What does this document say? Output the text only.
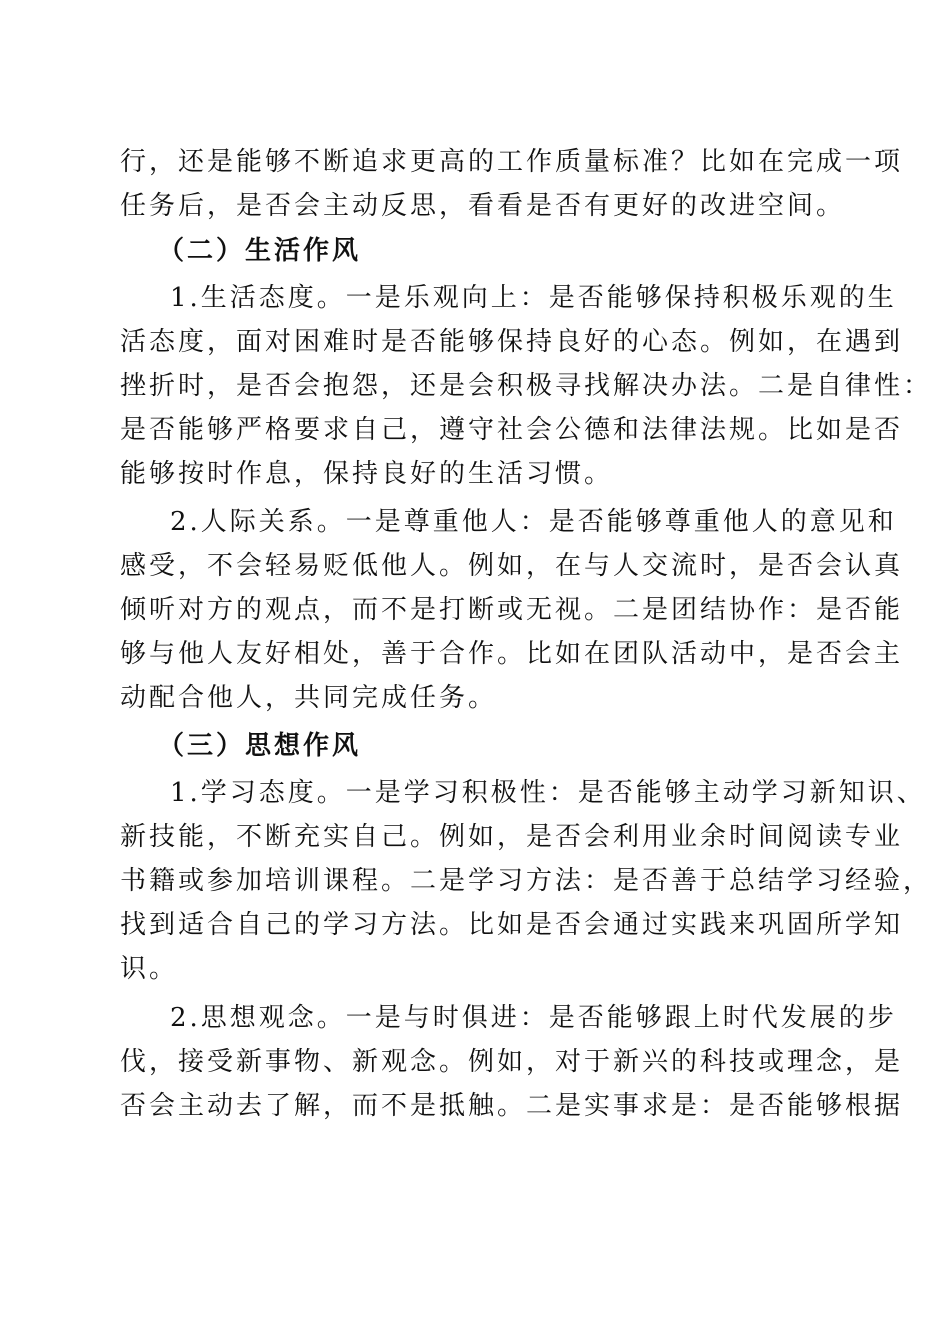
行，还是能够不断追求更高的工作质量标准？比如在完成一项
任务后，是否会主动反思，看看是否有更好的改进空间。
（二）生活作风
1.生活态度。一是乐观向上：是否能够保持积极乐观的生
活态度，面对困难时是否能够保持良好的心态。例如，在遇到
挫折时，是否会抱怨，还是会积极寻找解决办法。二是自律性：
是否能够严格要求自己，遵守社会公德和法律法规。比如是否
能够按时作息，保持良好的生活习惯。
2.人际关系。一是尊重他人：是否能够尊重他人的意见和
感受，不会轻易贬低他人。例如，在与人交流时，是否会认真
倾听对方的观点，而不是打断或无视。二是团结协作：是否能
够与他人友好相处，善于合作。比如在团队活动中，是否会主
动配合他人，共同完成任务。
（三）思想作风
1.学习态度。一是学习积极性：是否能够主动学习新知识、
新技能，不断充实自己。例如，是否会利用业余时间阅读专业
书籍或参加培训课程。二是学习方法：是否善于总结学习经验，
找到适合自己的学习方法。比如是否会通过实践来巩固所学知
识。
2.思想观念。一是与时俱进：是否能够跟上时代发展的步
伐，接受新事物、新观念。例如，对于新兴的科技或理念，是
否会主动去了解，而不是抵触。二是实事求是：是否能够根据
